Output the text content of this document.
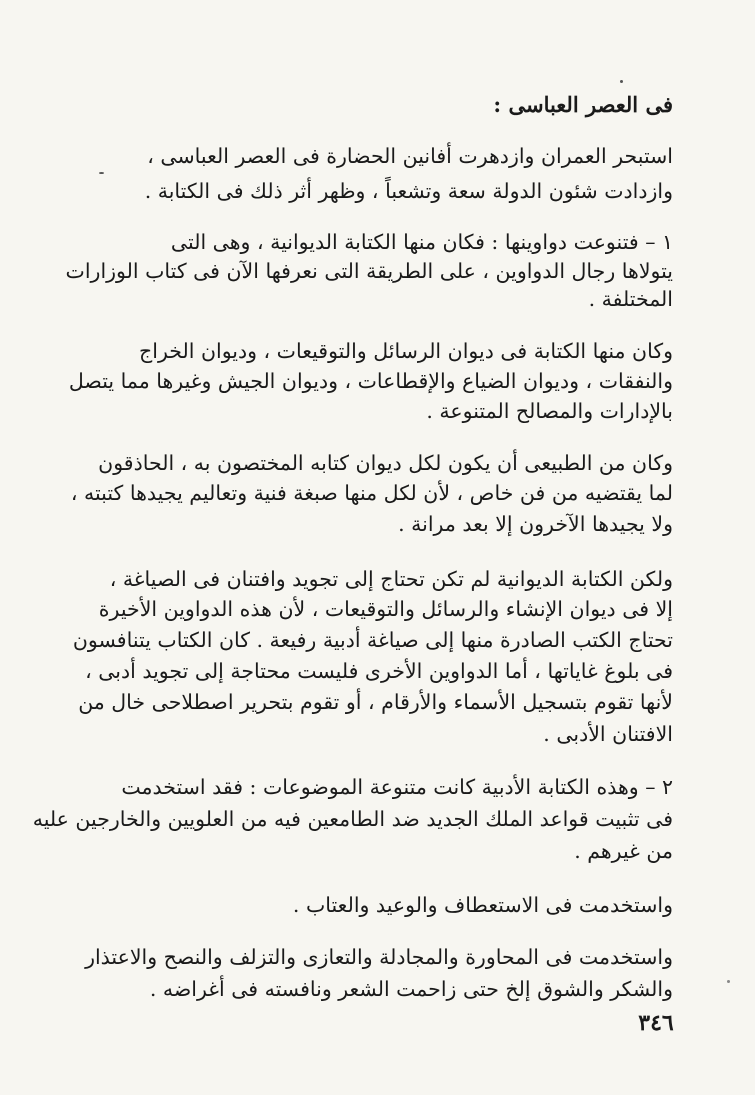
فى العصر العباسى :
استبحر العمران وازدهرت أفانين الحضارة فى العصر العباسى ،
وازدادت شئون الدولة سعة وتشعباً ، وظهر أثر ذلك فى الكتابة .
١ – فتنوعت دواوينها : فكان منها الكتابة الديوانية ، وهى التى
يتولاها رجال الدواوين ، على الطريقة التى نعرفها الآن فى كتاب الوزارات
المختلفة .
وكان منها الكتابة فى ديوان الرسائل والتوقيعات ، وديوان الخراج
والنفقات ، وديوان الضياع والإقطاعات ، وديوان الجيش وغيرها مما يتصل
بالإدارات والمصالح المتنوعة .
وكان من الطبيعى أن يكون لكل ديوان كتابه المختصون به ، الحاذقون
لما يقتضيه من فن خاص ، لأن لكل منها صبغة فنية وتعاليم يجيدها كتبته ،
ولا يجيدها الآخرون إلا بعد مرانة .
ولكن الكتابة الديوانية لم تكن تحتاج إلى تجويد وافتنان فى الصياغة ،
إلا فى ديوان الإنشاء والرسائل والتوقيعات ، لأن هذه الدواوين الأخيرة
تحتاج الكتب الصادرة منها إلى صياغة أدبية رفيعة . كان الكتاب يتنافسون
فى بلوغ غاياتها ، أما الدواوين الأخرى فليست محتاجة إلى تجويد أدبى ،
لأنها تقوم بتسجيل الأسماء والأرقام ، أو تقوم بتحرير اصطلاحى خال من
الافتنان الأدبى .
٢ – وهذه الكتابة الأدبية كانت متنوعة الموضوعات : فقد استخدمت
فى تثبيت قواعد الملك الجديد ضد الطامعين فيه من العلويين والخارجين عليه
من غيرهم .
واستخدمت فى الاستعطاف والوعيد والعتاب .
واستخدمت فى المحاورة والمجادلة والتعازى والتزلف والنصح والاعتذار
والشكر والشوق إلخ حتى زاحمت الشعر ونافسته فى أغراضه .
٣٤٦
